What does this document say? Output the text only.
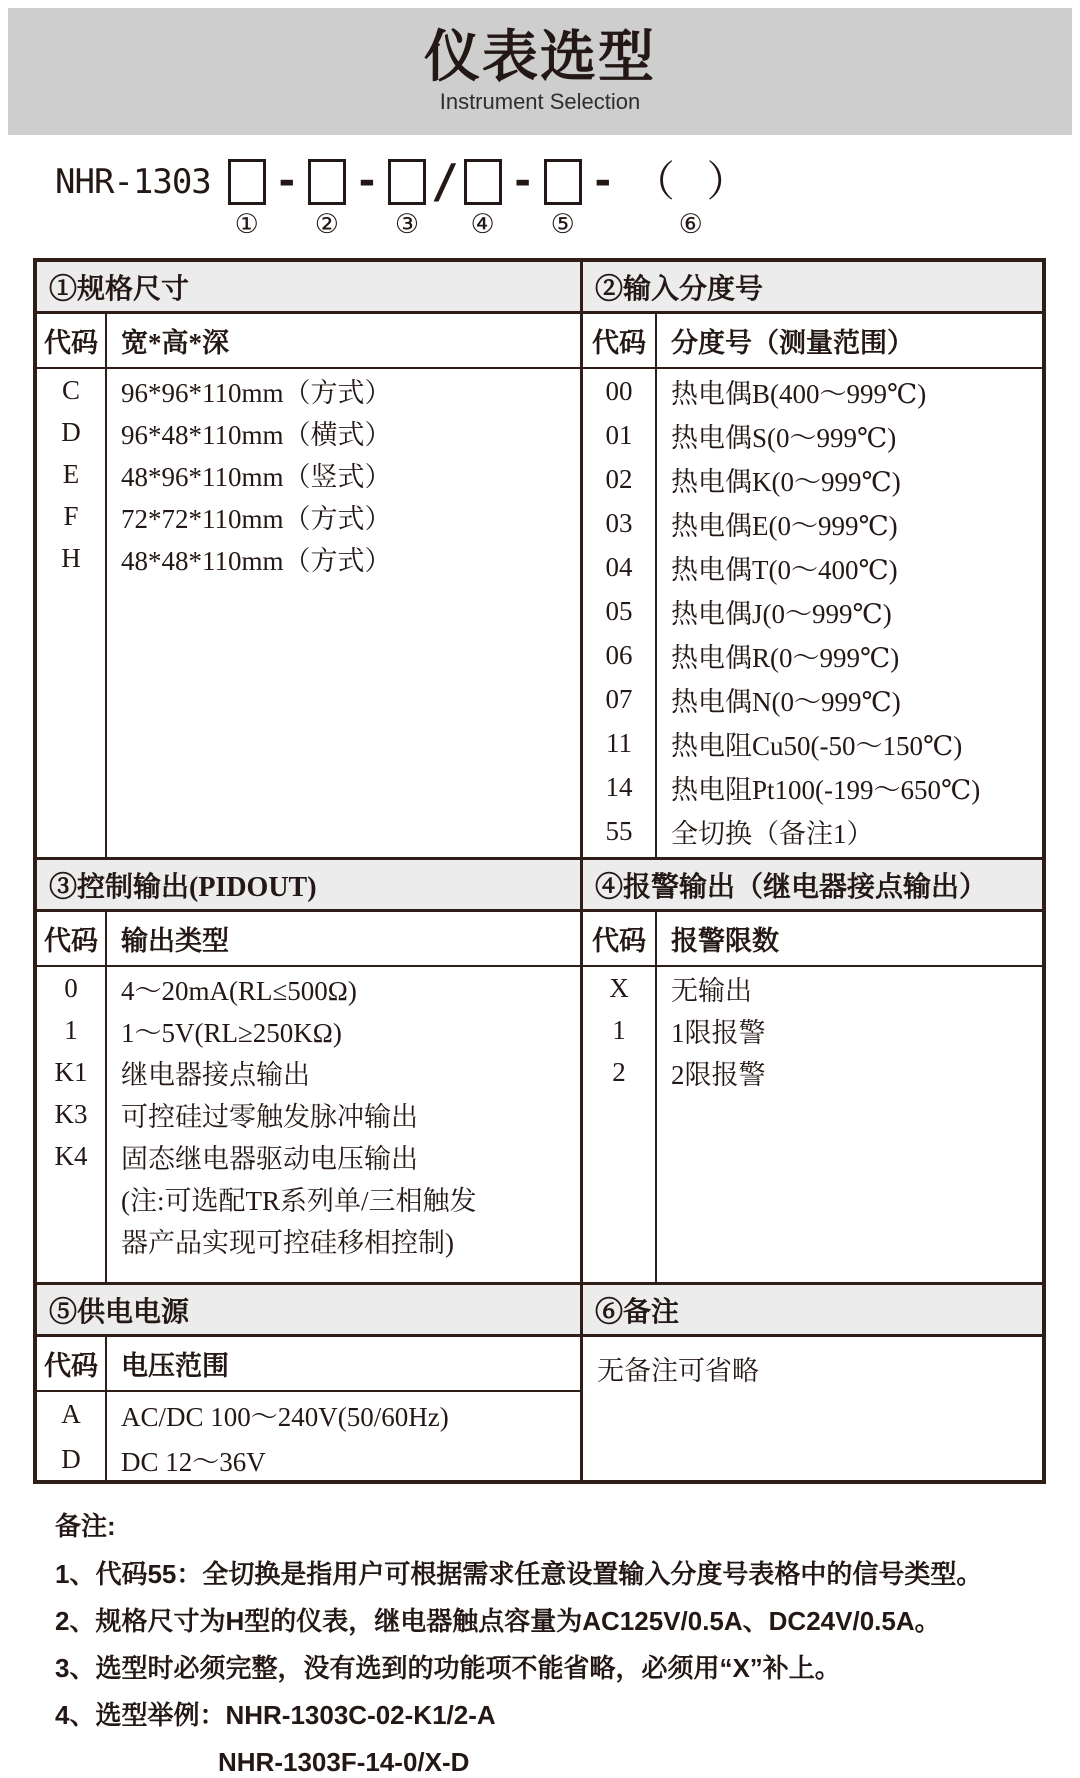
仪表选型
Instrument Selection
NHR-1303
①
-
②
-
③
/
④
-
⑤
- （ ）
⑥
①规格尺寸
代码 宽*高*深
C
D
E
F
H
96*96*110mm（方式）
96*48*110mm（横式）
48*96*110mm（竖式）
72*72*110mm（方式）
48*48*110mm（方式）
②输入分度号
代码 分度号（测量范围）
00
01
02
03
04
05
06
07
11
14
55
热电偶B(400～999℃)
热电偶S(0～999℃)
热电偶K(0～999℃)
热电偶E(0～999℃)
热电偶T(0～400℃)
热电偶J(0～999℃)
热电偶R(0～999℃)
热电偶N(0～999℃)
热电阻Cu50(-50～150℃)
热电阻Pt100(-199～650℃)
全切换（备注1）
③控制输出(PIDOUT)
代码 输出类型
0
1
K1
K3
K4
4～20mA(RL≤500Ω)
1～5V(RL≥250KΩ)
继电器接点输出
可控硅过零触发脉冲输出
固态继电器驱动电压输出
(注:可选配TR系列单/三相触发
器产品实现可控硅移相控制)
④报警输出（继电器接点输出）
代码 报警限数
X
1
2
无输出
1限报警
2限报警
⑤供电电源
代码 电压范围
A
D
AC/DC 100～240V(50/60Hz)
DC 12～36V
⑥备注
无备注可省略
备注:
1、代码55：全切换是指用户可根据需求任意设置输入分度号表格中的信号类型。
2、规格尺寸为H型的仪表，继电器触点容量为AC125V/0.5A、DC24V/0.5A。
3、选型时必须完整，没有选到的功能项不能省略，必须用“X”补上。
4、选型举例：NHR-1303C-02-K1/2-A
NHR-1303F-14-0/X-D
